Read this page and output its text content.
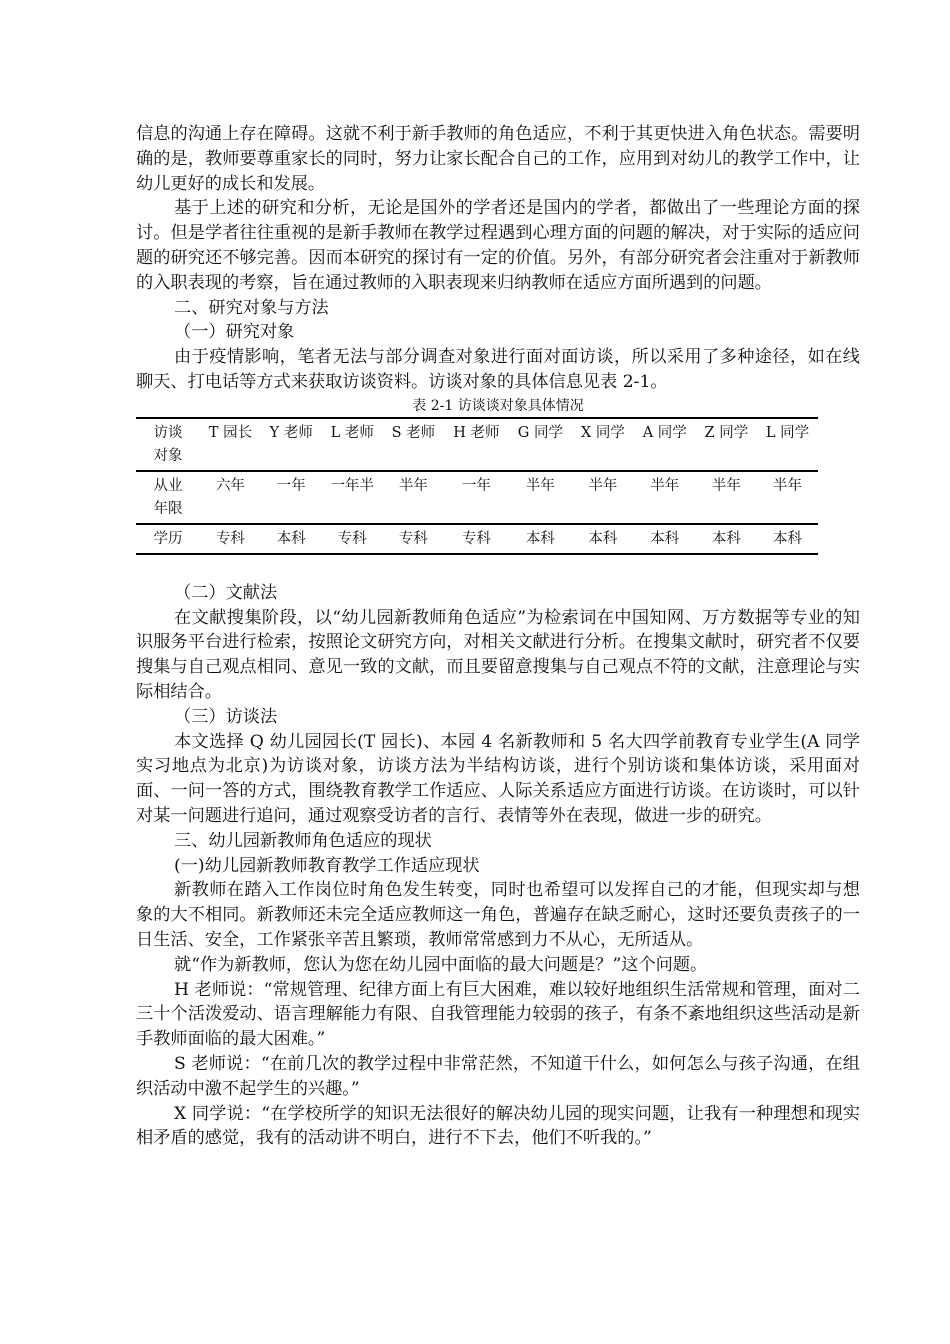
信息的沟通上存在障碍。这就不利于新手教师的角色适应，不利于其更快进入角色状态。需要明确的是，教师要尊重家长的同时，努力让家长配合自己的工作，应用到对幼儿的教学工作中，让幼儿更好的成长和发展。

基于上述的研究和分析，无论是国外的学者还是国内的学者，都做出了一些理论方面的探讨。但是学者往往重视的是新手教师在教学过程遇到心理方面的问题的解决，对于实际的适应问题的研究还不够完善。因而本研究的探讨有一定的价值。另外，有部分研究者会注重对于新教师的入职表现的考察，旨在通过教师的入职表现来归纳教师在适应方面所遇到的问题。

二、研究对象与方法

（一）研究对象

由于疫情影响，笔者无法与部分调查对象进行面对面访谈，所以采用了多种途径，如在线聊天、打电话等方式来获取访谈资料。访谈对象的具体信息见表 2-1。

表 2-1 访谈谈对象具体情况
访谈
对象	T 园长	Y 老师	L 老师	S 老师	H 老师	G 同学	X 同学	A 同学	Z 同学	L 同学
从业
年限	六年	一年	一年半	半年	一年	半年	半年	半年	半年	半年
学历	专科	本科	专科	专科	专科	本科	本科	本科	本科	本科

（二）文献法

在文献搜集阶段，以“幼儿园新教师角色适应”为检索词在中国知网、万方数据等专业的知识服务平台进行检索，按照论文研究方向，对相关文献进行分析。在搜集文献时，研究者不仅要搜集与自己观点相同、意见一致的文献，而且要留意搜集与自己观点不符的文献，注意理论与实际相结合。

（三）访谈法

本文选择 Q 幼儿园园长(T 园长)、本园 4 名新教师和 5 名大四学前教育专业学生(A 同学实习地点为北京)为访谈对象，访谈方法为半结构访谈，进行个别访谈和集体访谈，采用面对面、一问一答的方式，围绕教育教学工作适应、人际关系适应方面进行访谈。在访谈时，可以针对某一问题进行追问，通过观察受访者的言行、表情等外在表现，做进一步的研究。

三、幼儿园新教师角色适应的现状

(一)幼儿园新教师教育教学工作适应现状

新教师在踏入工作岗位时角色发生转变，同时也希望可以发挥自己的才能，但现实却与想象的大不相同。新教师还未完全适应教师这一角色，普遍存在缺乏耐心，这时还要负责孩子的一日生活、安全，工作紧张辛苦且繁琐，教师常常感到力不从心，无所适从。

就“作为新教师，您认为您在幼儿园中面临的最大问题是？”这个问题。

H 老师说：“常规管理、纪律方面上有巨大困难，难以较好地组织生活常规和管理，面对二三十个活泼爱动、语言理解能力有限、自我管理能力较弱的孩子，有条不紊地组织这些活动是新手教师面临的最大困难。”

S 老师说：“在前几次的教学过程中非常茫然，不知道干什么，如何怎么与孩子沟通，在组织活动中激不起学生的兴趣。”

X 同学说：“在学校所学的知识无法很好的解决幼儿园的现实问题，让我有一种理想和现实相矛盾的感觉，我有的活动讲不明白，进行不下去，他们不听我的。”
